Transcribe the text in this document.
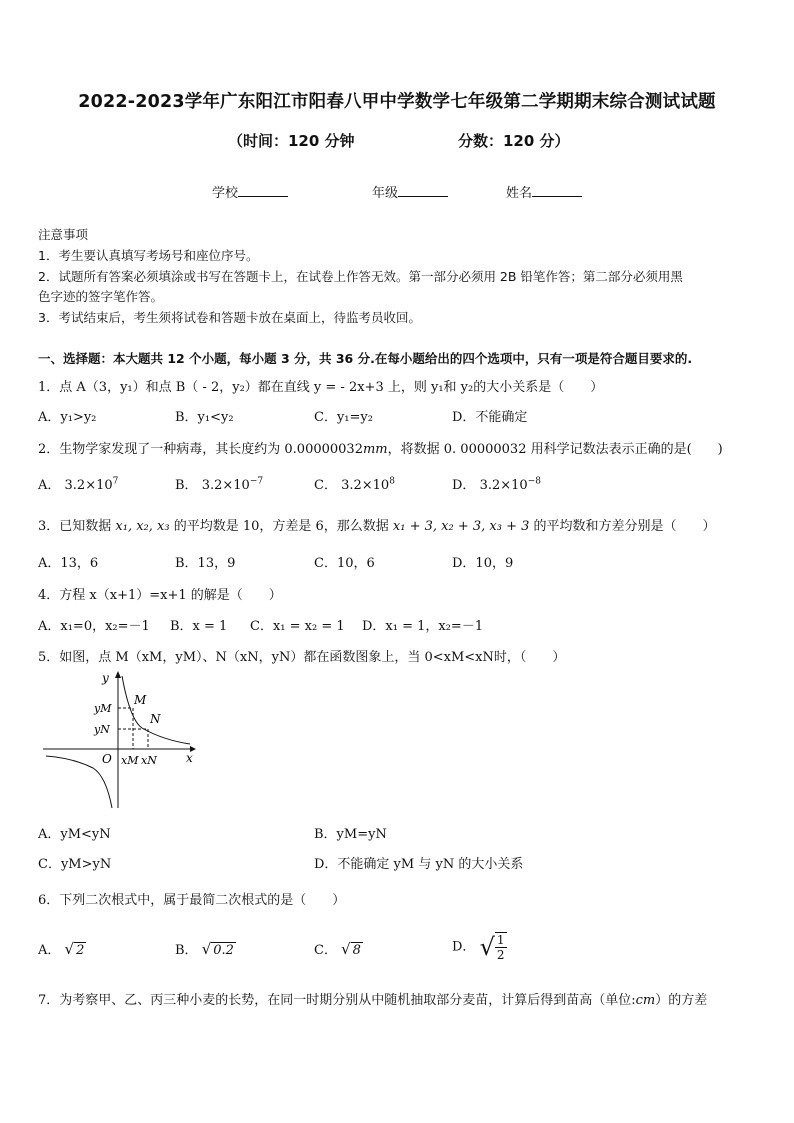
2022-2023学年广东阳江市阳春八甲中学数学七年级第二学期期末综合测试试题
（时间：120 分钟	分数：120 分）
学校	年级	姓名
注意事项
1．考生要认真填写考场号和座位序号。
2．试题所有答案必须填涂或书写在答题卡上，在试卷上作答无效。第一部分必须用 2B 铅笔作答；第二部分必须用黑
色字迹的签字笔作答。
3．考试结束后，考生须将试卷和答题卡放在桌面上，待监考员收回。
一、选择题：本大题共 12 个小题，每小题 3 分，共 36 分.在每小题给出的四个选项中，只有一项是符合题目要求的.
1．点 A（3，y₁）和点 B（ - 2，y₂）都在直线 y = - 2x+3 上，则 y₁和 y₂的大小关系是（　　）
A．y₁>y₂	B．y₁<y₂	C．y₁=y₂	D．不能确定
2．生物学家发现了一种病毒，其长度约为 0.00000032mm，将数据 0. 00000032 用科学记数法表示正确的是(　　)
A． $3.2\times 10^7$	B． $3.2\times 10^{-7}$	C． $3.2\times 10^8$	D． $3.2\times 10^{-8}$
3．已知数据 x₁, x₂, x₃ 的平均数是 10，方差是 6，那么数据 x₁ + 3, x₂ + 3, x₃ + 3 的平均数和方差分别是（　　）
A．13，6	B．13，9	C．10，6	D．10，9
4．方程 x（x+1）=x+1 的解是（　　）
A．x₁=0，x₂=－1 B．x = 1 C．x₁ = x₂ = 1 D．x₁ = 1，x₂=－1
5．如图，点 M（xM，yM）、N（xN，yN）都在函数图象上，当 0<xM<xN时，（　　）
y
x
O
M
N
yM
yN
xM xN
A．yM<yN	B．yM=yN
C．yM>yN	D．不能确定 yM 与 yN 的大小关系
6．下列二次根式中，属于最简二次根式的是（　　）
A． √ 2	B． √ 0.2	C． √ 8	D． √ $\frac{1}{2}$
7．为考察甲、乙、丙三种小麦的长势，在同一时期分别从中随机抽取部分麦苗，计算后得到苗高（单位:cm）的方差
